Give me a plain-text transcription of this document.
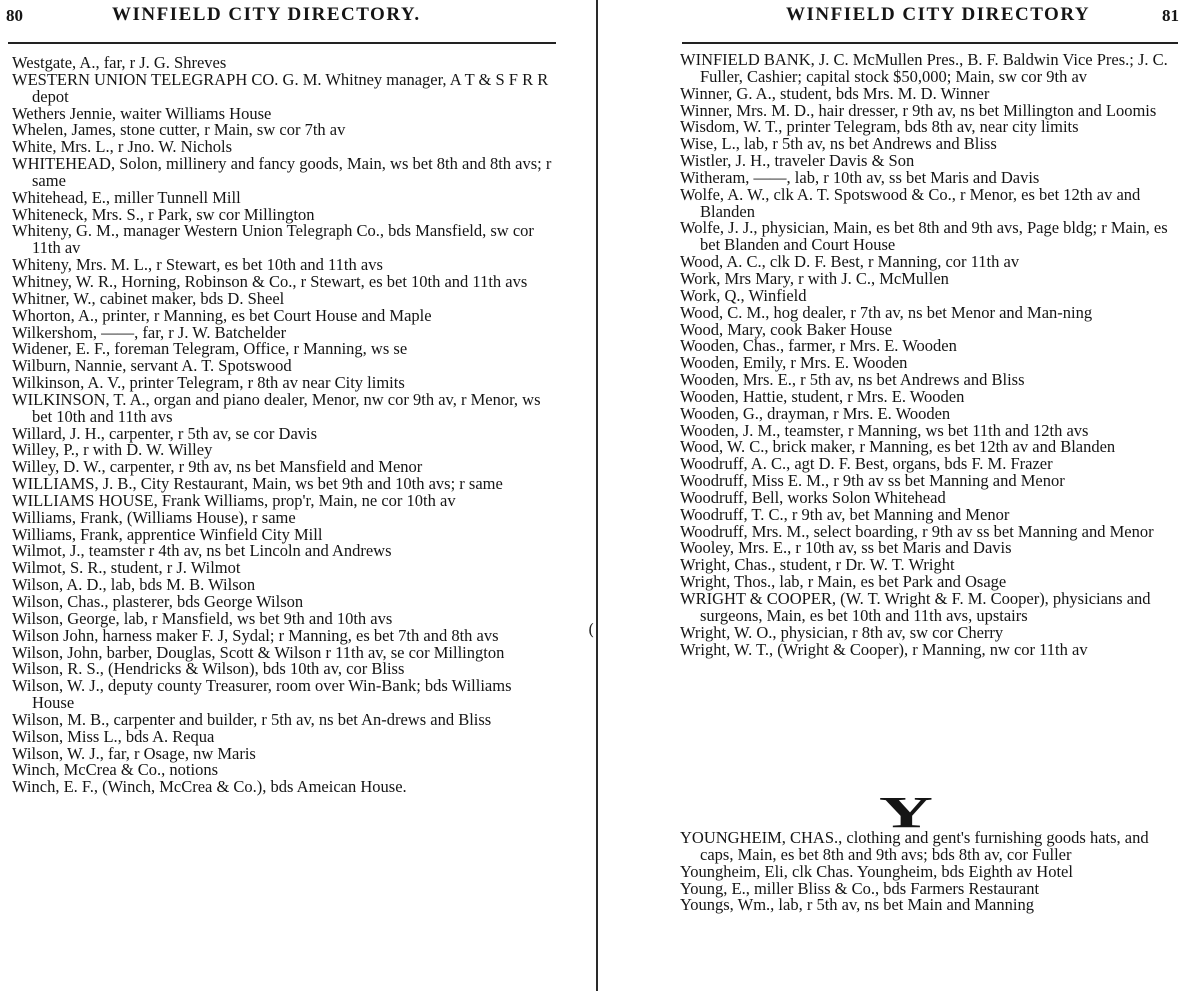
80	WINFIELD CITY DIRECTORY.
Westgate, A., far, r J. G. Shreves
WESTERN UNION TELEGRAPH CO. G. M. Whitney manager, A T & S F R R depot
Wethers Jennie, waiter Williams House
Whelen, James, stone cutter, r Main, sw cor 7th av
White, Mrs. L., r Jno. W. Nichols
WHITEHEAD, Solon, millinery and fancy goods, Main, ws bet 8th and 8th avs; r same
Whitehead, E., miller Tunnell Mill
Whiteneck, Mrs. S., r Park, sw cor Millington
Whiteny, G. M., manager Western Union Telegraph Co., bds Mansfield, sw cor 11th av
Whiteny, Mrs. M. L., r Stewart, es bet 10th and 11th avs
Whitney, W. R., Horning, Robinson & Co., r Stewart, es bet 10th and 11th avs
Whitner, W., cabinet maker, bds D. Sheel
Whorton, A., printer, r Manning, es bet Court House and Maple
Wilkershom, ——, far, r J. W. Batchelder
Widener, E. F., foreman Telegram, Office, r Manning, ws se
Wilburn, Nannie, servant A. T. Spotswood
Wilkinson, A. V., printer Telegram, r 8th av near City limits
WILKINSON, T. A., organ and piano dealer, Menor, nw cor 9th av, r Menor, ws bet 10th and 11th avs
Willard, J. H., carpenter, r 5th av, se cor Davis
Willey, P., r with D. W. Willey
Willey, D. W., carpenter, r 9th av, ns bet Mansfield and Menor
WILLIAMS, J. B., City Restaurant, Main, ws bet 9th and 10th avs; r same
WILLIAMS HOUSE, Frank Williams, prop'r, Main, ne cor 10th av
Williams, Frank, (Williams House), r same
Williams, Frank, apprentice Winfield City Mill
Wilmot, J., teamster r 4th av, ns bet Lincoln and Andrews
Wilmot, S. R., student, r J. Wilmot
Wilson, A. D., lab, bds M. B. Wilson
Wilson, Chas., plasterer, bds George Wilson
Wilson, George, lab, r Mansfield, ws bet 9th and 10th avs
Wilson John, harness maker F. J, Sydal; r Manning, es bet 7th and 8th avs
Wilson, John, barber, Douglas, Scott & Wilson r 11th av, se cor Millington
Wilson, R. S., (Hendricks & Wilson), bds 10th av, cor Bliss
Wilson, W. J., deputy county Treasurer, room over Win-Bank; bds Williams House
Wilson, M. B., carpenter and builder, r 5th av, ns bet An-drews and Bliss
Wilson, Miss L., bds A. Requa
Wilson, W. J., far, r Osage, nw Maris
Winch, McCrea & Co., notions
Winch, E. F., (Winch, McCrea & Co.), bds Ameican House.
(
WINFIELD CITY DIRECTORY	81
WINFIELD BANK, J. C. McMullen Pres., B. F. Baldwin Vice Pres.; J. C. Fuller, Cashier; capital stock $50,000; Main, sw cor 9th av
Winner, G. A., student, bds Mrs. M. D. Winner
Winner, Mrs. M. D., hair dresser, r 9th av, ns bet Millington and Loomis
Wisdom, W. T., printer Telegram, bds 8th av, near city limits
Wise, L., lab, r 5th av, ns bet Andrews and Bliss
Wistler, J. H., traveler Davis & Son
Witheram, ——, lab, r 10th av, ss bet Maris and Davis
Wolfe, A. W., clk A. T. Spotswood & Co., r Menor, es bet 12th av and Blanden
Wolfe, J. J., physician, Main, es bet 8th and 9th avs, Page bldg; r Main, es bet Blanden and Court House
Wood, A. C., clk D. F. Best, r Manning, cor 11th av
Work, Mrs Mary, r with J. C., McMullen
Work, Q., Winfield
Wood, C. M., hog dealer, r 7th av, ns bet Menor and Man-ning
Wood, Mary, cook Baker House
Wooden, Chas., farmer, r Mrs. E. Wooden
Wooden, Emily, r Mrs. E. Wooden
Wooden, Mrs. E., r 5th av, ns bet Andrews and Bliss
Wooden, Hattie, student, r Mrs. E. Wooden
Wooden, G., drayman, r Mrs. E. Wooden
Wooden, J. M., teamster, r Manning, ws bet 11th and 12th avs
Wood, W. C., brick maker, r Manning, es bet 12th av and Blanden
Woodruff, A. C., agt D. F. Best, organs, bds F. M. Frazer
Woodruff, Miss E. M., r 9th av ss bet Manning and Menor
Woodruff, Bell, works Solon Whitehead
Woodruff, T. C., r 9th av, bet Manning and Menor
Woodruff, Mrs. M., select boarding, r 9th av ss bet Manning and Menor
Wooley, Mrs. E., r 10th av, ss bet Maris and Davis
Wright, Chas., student, r Dr. W. T. Wright
Wright, Thos., lab, r Main, es bet Park and Osage
WRIGHT & COOPER, (W. T. Wright & F. M. Cooper), physicians and surgeons, Main, es bet 10th and 11th avs, upstairs
Wright, W. O., physician, r 8th av, sw cor Cherry
Wright, W. T., (Wright & Cooper), r Manning, nw cor 11th av
Y
YOUNGHEIM, CHAS., clothing and gent's furnishing goods hats, and caps, Main, es bet 8th and 9th avs; bds 8th av, cor Fuller
Youngheim, Eli, clk Chas. Youngheim, bds Eighth av Hotel
Young, E., miller Bliss & Co., bds Farmers Restaurant
Youngs, Wm., lab, r 5th av, ns bet Main and Manning
